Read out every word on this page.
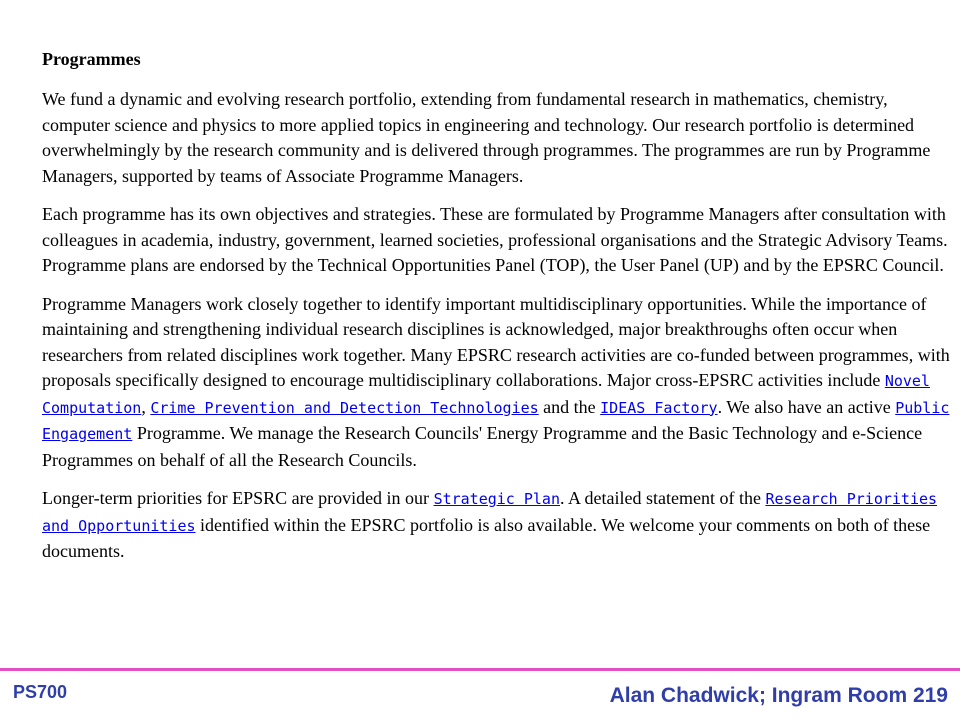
Programmes

We fund a dynamic and evolving research portfolio, extending from fundamental research in mathematics, chemistry, computer science and physics to more applied topics in engineering and technology. Our research portfolio is determined overwhelmingly by the research community and is delivered through programmes. The programmes are run by Programme Managers, supported by teams of Associate Programme Managers.

Each programme has its own objectives and strategies. These are formulated by Programme Managers after consultation with colleagues in academia, industry, government, learned societies, professional organisations and the Strategic Advisory Teams. Programme plans are endorsed by the Technical Opportunities Panel (TOP), the User Panel (UP) and by the EPSRC Council.

Programme Managers work closely together to identify important multidisciplinary opportunities. While the importance of maintaining and strengthening individual research disciplines is acknowledged, major breakthroughs often occur when researchers from related disciplines work together. Many EPSRC research activities are co-funded between programmes, with proposals specifically designed to encourage multidisciplinary collaborations. Major cross-EPSRC activities include Novel Computation, Crime Prevention and Detection Technologies and the IDEAS Factory. We also have an active Public Engagement Programme. We manage the Research Councils' Energy Programme and the Basic Technology and e-Science Programmes on behalf of all the Research Councils.

Longer-term priorities for EPSRC are provided in our Strategic Plan. A detailed statement of the Research Priorities and Opportunities identified within the EPSRC portfolio is also available. We welcome your comments on both of these documents.

PS700	Alan Chadwick; Ingram Room 219
